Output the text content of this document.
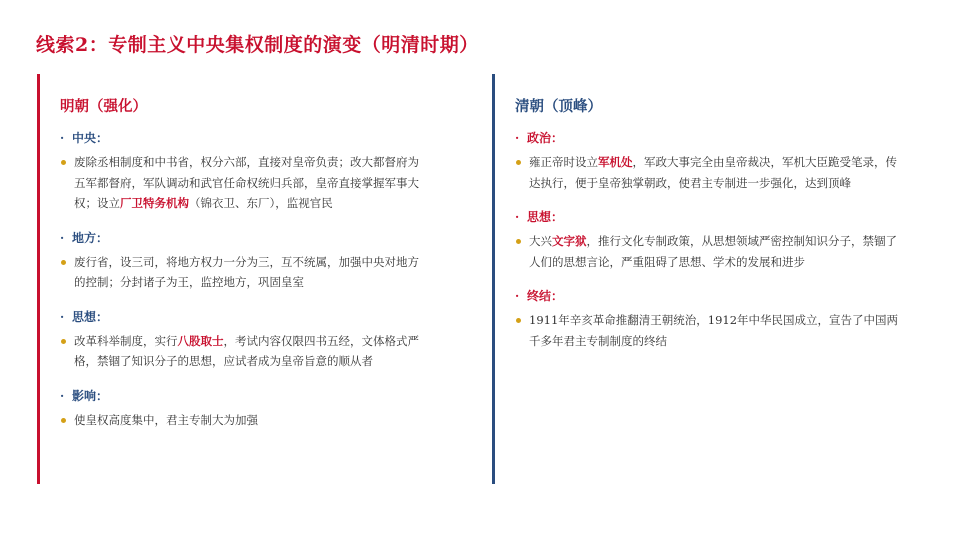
线索2：专制主义中央集权制度的演变（明清时期）
明朝（强化）
· 中央：
废除丞相制度和中书省，权分六部，直接对皇帝负责；改大都督府为五军都督府，军队调动和武官任命权统归兵部，皇帝直接掌握军事大权；设立厂卫特务机构（锦衣卫、东厂），监视官民
· 地方：
废行省，设三司，将地方权力一分为三，互不统属，加强中央对地方的控制；分封诸子为王，监控地方，巩固皇室
· 思想：
改革科举制度，实行八股取士，考试内容仅限四书五经，文体格式严格，禁锢了知识分子的思想，应试者成为皇帝旨意的顺从者
· 影响：
使皇权高度集中，君主专制大为加强
清朝（顶峰）
· 政治：
雍正帝时设立军机处，军政大事完全由皇帝裁决，军机大臣跪受笔录，传达执行，便于皇帝独掌朝政，使君主专制进一步强化，达到顶峰
· 思想：
大兴文字狱，推行文化专制政策，从思想领域严密控制知识分子，禁锢了人们的思想言论，严重阻碍了思想、学术的发展和进步
· 终结：
1911年辛亥革命推翻清王朝统治，1912年中华民国成立，宣告了中国两千多年君主专制制度的终结
